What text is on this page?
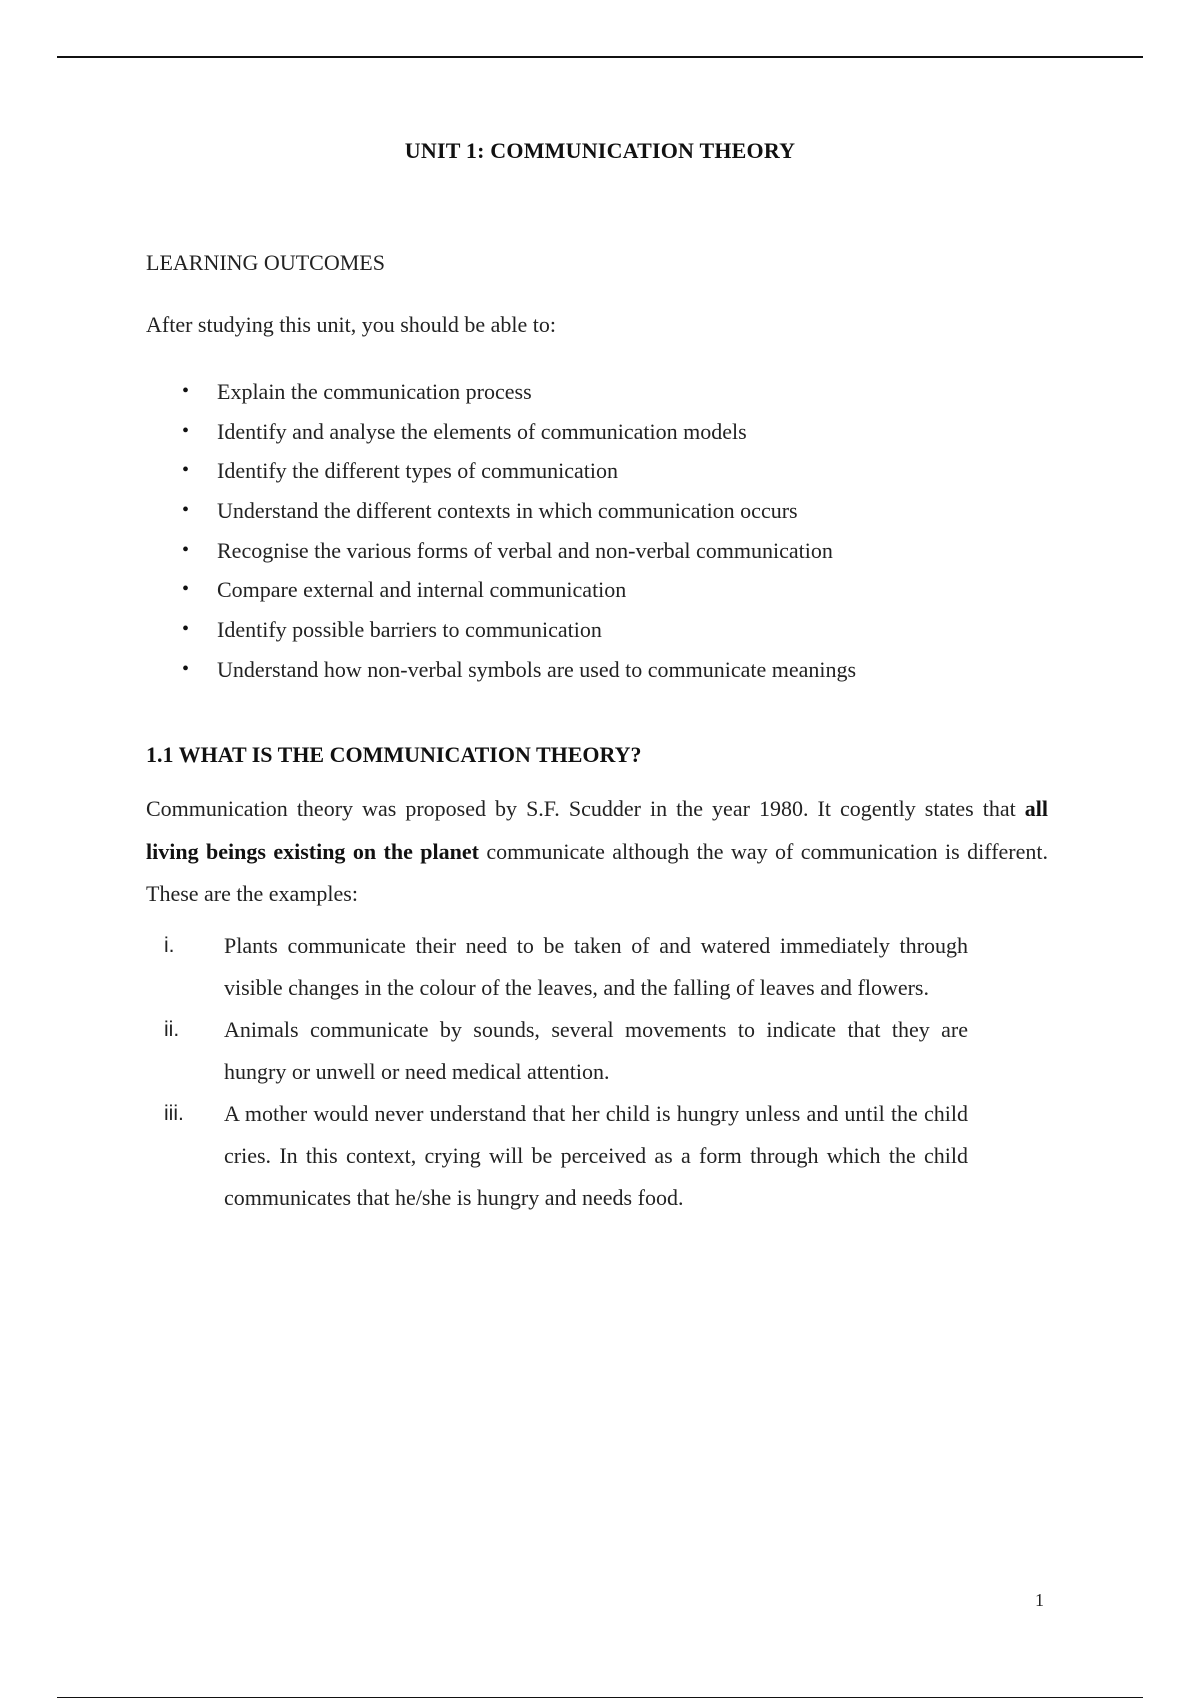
UNIT 1: COMMUNICATION THEORY
LEARNING OUTCOMES
After studying this unit, you should be able to:
• Explain the communication process
• Identify and analyse the elements of communication models
• Identify the different types of communication
• Understand the different contexts in which communication occurs
• Recognise the various forms of verbal and non-verbal communication
• Compare external and internal communication
• Identify possible barriers to communication
• Understand how non-verbal symbols are used to communicate meanings
1.1 WHAT IS THE COMMUNICATION THEORY?

Communication theory was proposed by S.F. Scudder in the year 1980. It cogently states that all living beings existing on the planet communicate although the way of communication is different. These are the examples:

i. Plants communicate their need to be taken of and watered immediately through visible changes in the colour of the leaves, and the falling of leaves and flowers.
ii. Animals communicate by sounds, several movements to indicate that they are hungry or unwell or need medical attention.
iii. A mother would never understand that her child is hungry unless and until the child cries. In this context, crying will be perceived as a form through which the child communicates that he/she is hungry and needs food.
1
